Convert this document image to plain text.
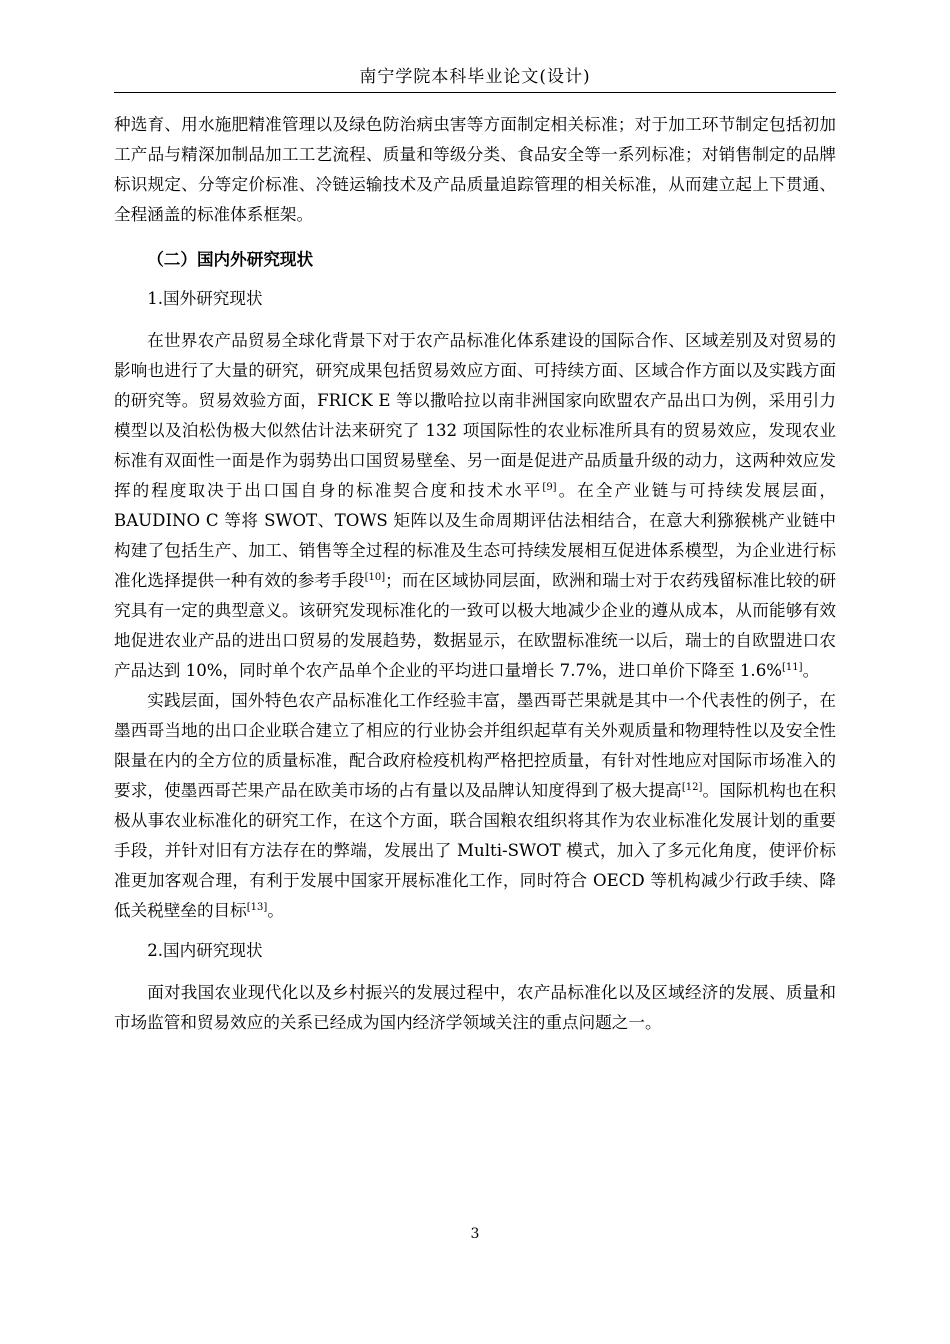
南宁学院本科毕业论文(设计)

种选育、用水施肥精准管理以及绿色防治病虫害等方面制定相关标准；对于加工环节制定包括初加工产品与精深加制品加工工艺流程、质量和等级分类、食品安全等一系列标准；对销售制定的品牌标识规定、分等定价标准、冷链运输技术及产品质量追踪管理的相关标准，从而建立起上下贯通、全程涵盖的标准体系框架。

（二）国内外研究现状
1.国外研究现状

在世界农产品贸易全球化背景下对于农产品标准化体系建设的国际合作、区域差别及对贸易的影响也进行了大量的研究，研究成果包括贸易效应方面、可持续方面、区域合作方面以及实践方面的研究等。贸易效验方面，FRICK E 等以撒哈拉以南非洲国家向欧盟农产品出口为例，采用引力模型以及泊松伪极大似然估计法来研究了 132 项国际性的农业标准所具有的贸易效应，发现农业标准有双面性一面是作为弱势出口国贸易壁垒、另一面是促进产品质量升级的动力，这两种效应发挥的程度取决于出口国自身的标准契合度和技术水平[9]。在全产业链与可持续发展层面，BAUDINO C 等将 SWOT、TOWS 矩阵以及生命周期评估法相结合，在意大利猕猴桃产业链中构建了包括生产、加工、销售等全过程的标准及生态可持续发展相互促进体系模型，为企业进行标准化选择提供一种有效的参考手段[10]；而在区域协同层面，欧洲和瑞士对于农药残留标准比较的研究具有一定的典型意义。该研究发现标准化的一致可以极大地减少企业的遵从成本，从而能够有效地促进农业产品的进出口贸易的发展趋势，数据显示，在欧盟标准统一以后，瑞士的自欧盟进口农产品达到 10%，同时单个农产品单个企业的平均进口量增长 7.7%，进口单价下降至 1.6%[11]。

实践层面，国外特色农产品标准化工作经验丰富，墨西哥芒果就是其中一个代表性的例子，在墨西哥当地的出口企业联合建立了相应的行业协会并组织起草有关外观质量和物理特性以及安全性限量在内的全方位的质量标准，配合政府检疫机构严格把控质量，有针对性地应对国际市场准入的要求，使墨西哥芒果产品在欧美市场的占有量以及品牌认知度得到了极大提高[12]。国际机构也在积极从事农业标准化的研究工作，在这个方面，联合国粮农组织将其作为农业标准化发展计划的重要手段，并针对旧有方法存在的弊端，发展出了 Multi-SWOT 模式，加入了多元化角度，使评价标准更加客观合理，有利于发展中国家开展标准化工作，同时符合 OECD 等机构减少行政手续、降低关税壁垒的目标[13]。

2.国内研究现状

面对我国农业现代化以及乡村振兴的发展过程中，农产品标准化以及区域经济的发展、质量和市场监管和贸易效应的关系已经成为国内经济学领域关注的重点问题之一。

3
